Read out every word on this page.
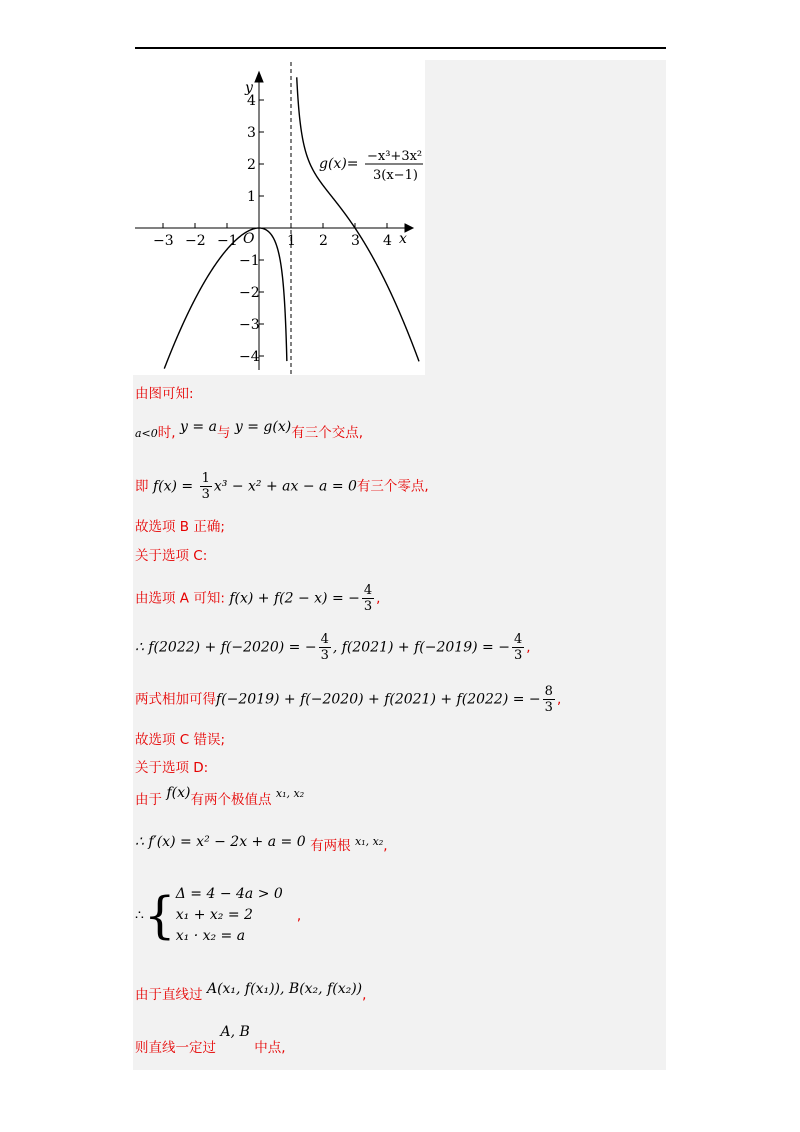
y
x
O
−3 −2 −1	1 2 3 4
4
3
2
1
−1
−2
−3
−4
g(x)= −x³+3x²
3(x−1)
由图可知:
a<0时, y = a与 y = g(x)有三个交点,
即 $f(x) = \frac{1}{3} x^3 - x^2$ + ax − a = 0有三个零点,
故选项 B 正确;
关于选项 C:
由选项 A 可知: f(x) + f(2 − x) = − $\frac{4}{3}$ ,
∴ f(2022) + f(−2020) = − $\frac{4}{3}$ , f(2021) + f(−2019) = − $\frac{4}{3}$ ,
两式相加可得f(−2019) + f(−2020) + f(2021) + f(2022) = − $\frac{8}{3}$ ,
故选项 C 错误;
关于选项 D:
由于 f(x)有两个极值点 $^{x_1, x_2}$
∴ f′(x) = x² − 2x + a = 0 有两根 $^{x_1, x_2}$,
∴{ Δ = 4 − 4a > 0
x₁ + x₂ = 2
x₁ · x₂ = a
,
由于直线过 A(x₁, f(x₁)), B(x₂, f(x₂)),
则直线一定过 A, B 中点,
